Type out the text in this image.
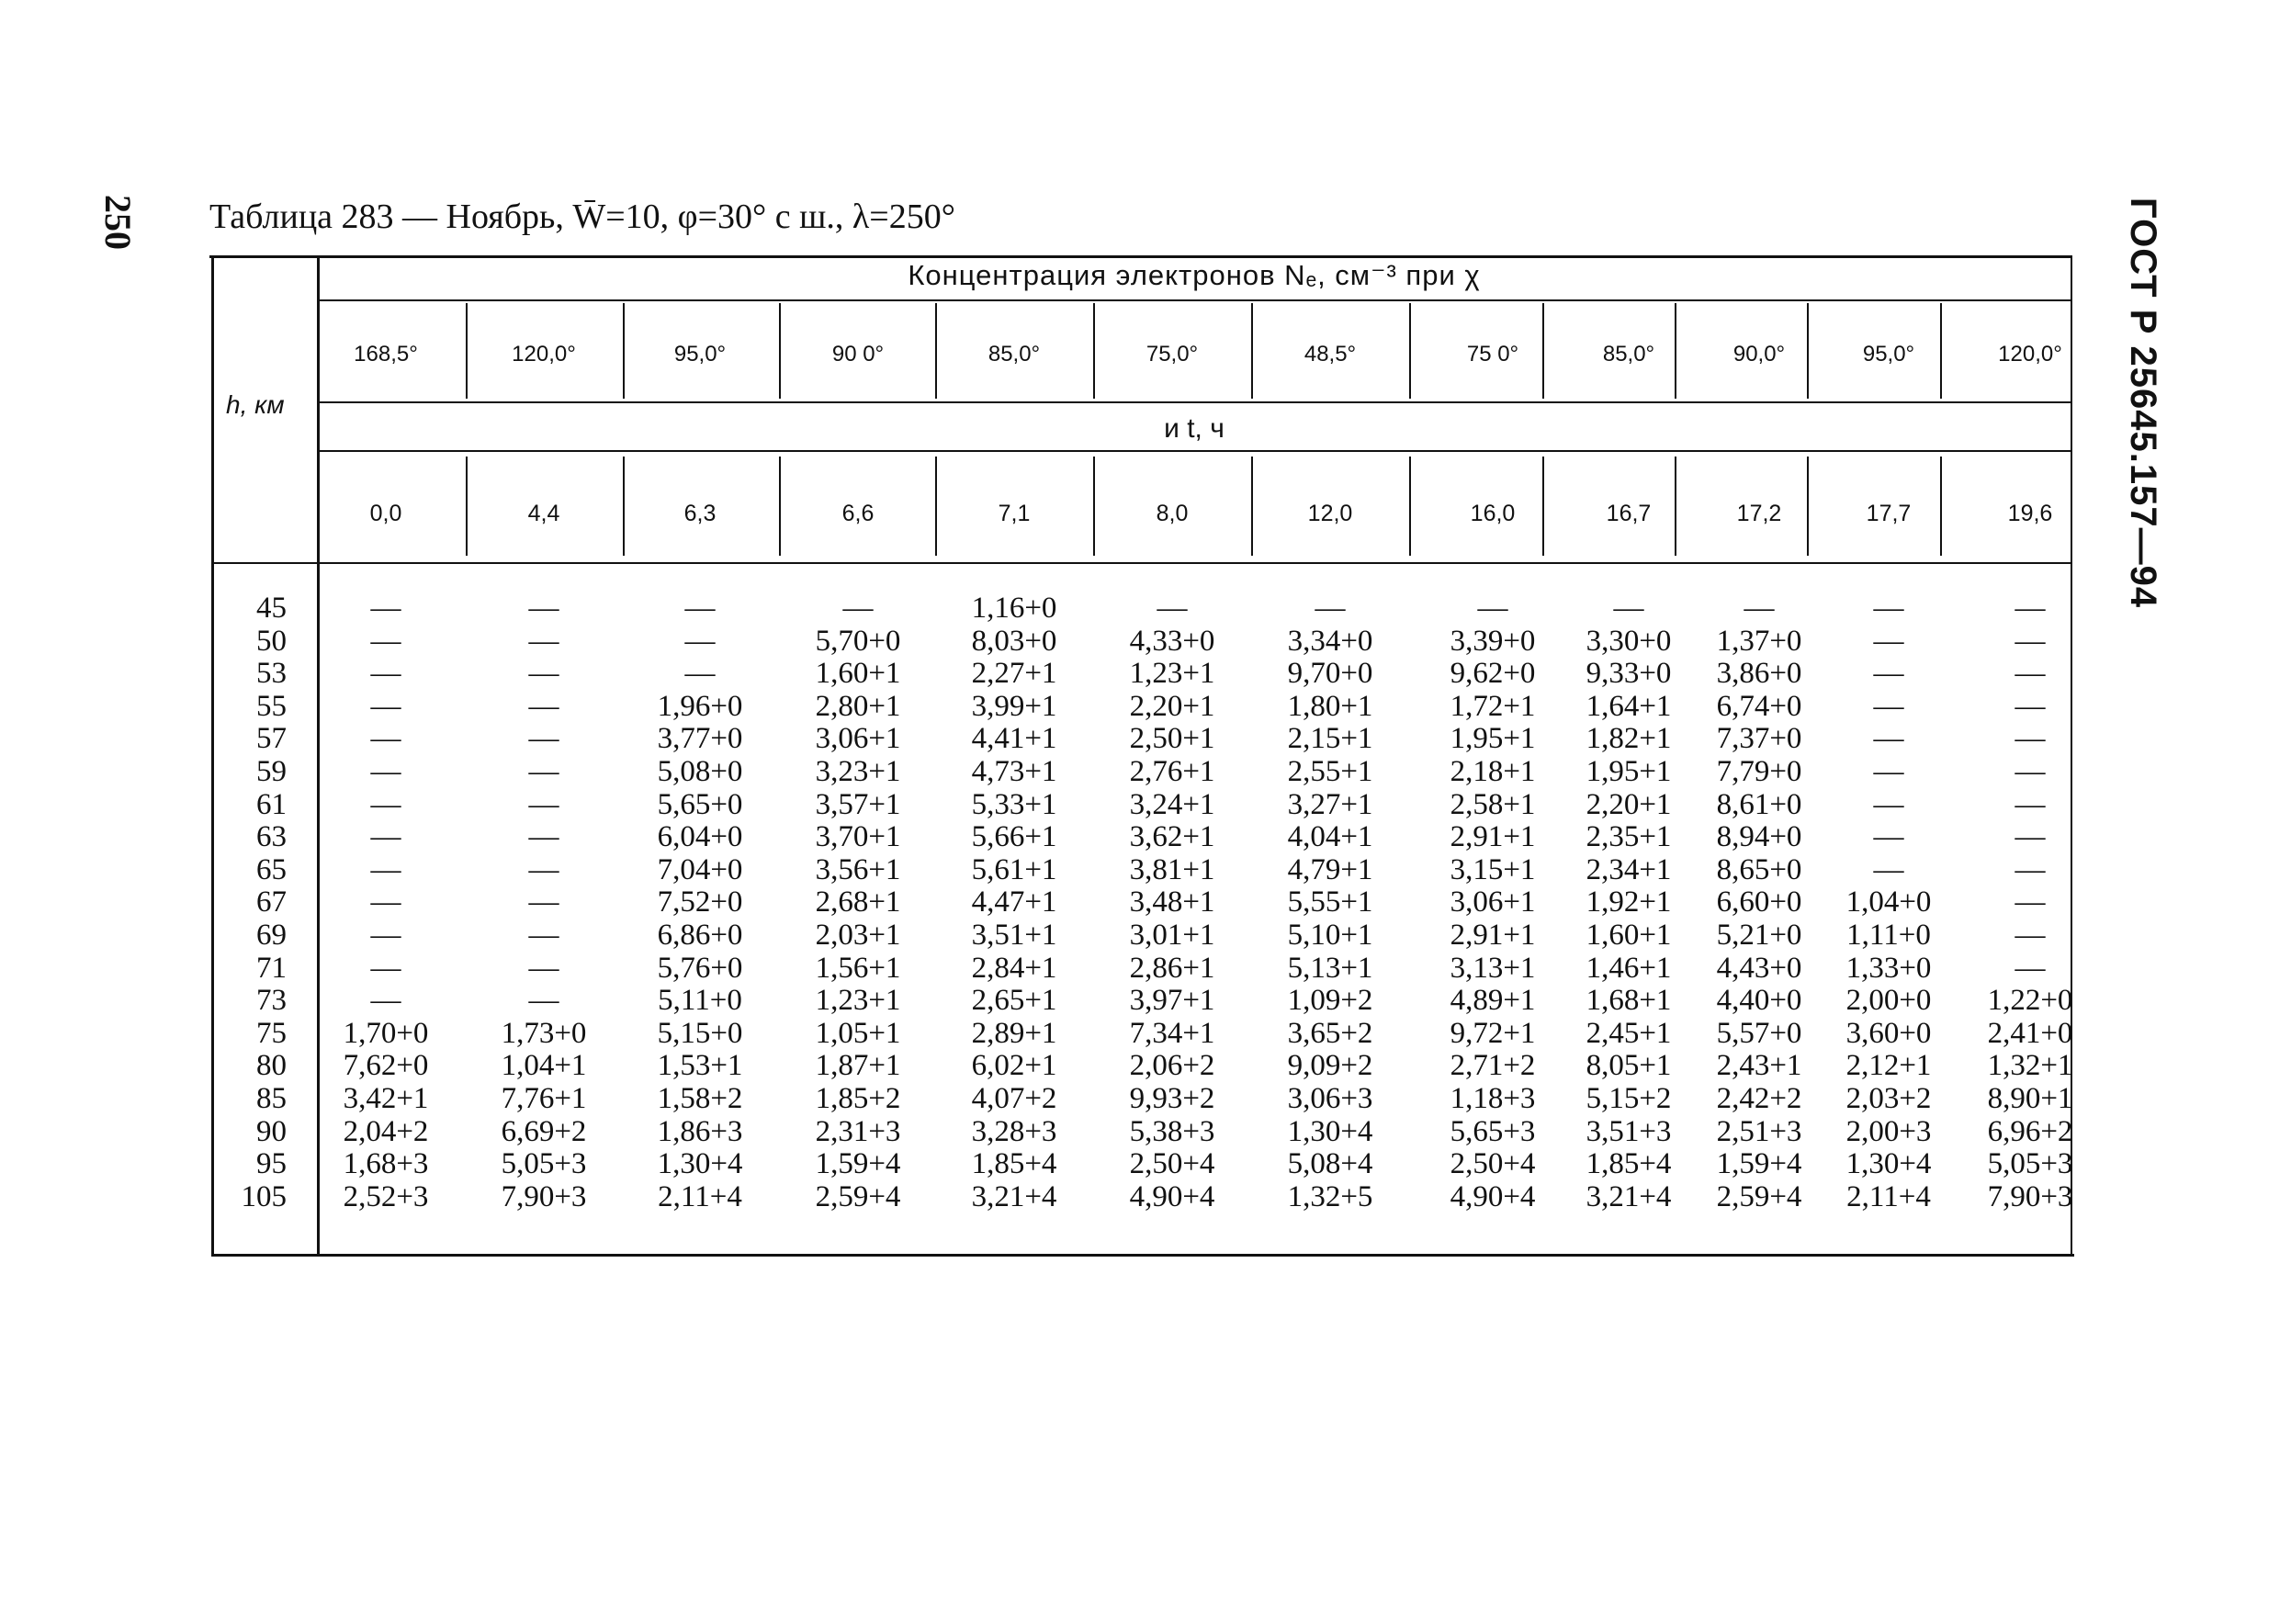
250	ГОСТ Р 25645.157—94
Таблица 283 — Ноябрь, W̄=10, φ=30° с ш., λ=250°
h, км
Концентрация электронов Nₑ, см⁻³ при χ
и t, ч
168,5°	120,0°	95,0°	90 0°	85,0°	75,0°	48,5°	75 0°	85,0°	90,0°	95,0°	120,0°
0,0	4,4	6,3	6,6	7,1	8,0	12,0	16,0	16,7	17,2	17,7	19,6
45	—	—	—	—	1,16+0	—	—	—	—	—	—	—
50	—	—	—	5,70+0 8,03+0 4,33+0 3,34+0	3,39+0 3,30+0 1,37+0 —	—
53	—	—	—	1,60+1 2,27+1 1,23+1 9,70+0	9,62+0 9,33+0 3,86+0 —	—
55	—	—	1,96+0 2,80+1 3,99+1 2,20+1 1,80+1	1,72+1 1,64+1 6,74+0 —	—
57	—	—	3,77+0 3,06+1 4,41+1 2,50+1 2,15+1	1,95+1 1,82+1 7,37+0 —	—
59	—	—	5,08+0 3,23+1 4,73+1 2,76+1 2,55+1	2,18+1 1,95+1 7,79+0 —	—
61	—	—	5,65+0 3,57+1 5,33+1 3,24+1 3,27+1	2,58+1 2,20+1 8,61+0 —	—
63	—	—	6,04+0 3,70+1 5,66+1 3,62+1 4,04+1	2,91+1 2,35+1 8,94+0 —	—
65	—	—	7,04+0 3,56+1 5,61+1 3,81+1 4,79+1	3,15+1 2,34+1 8,65+0 —	—
67	—	—	7,52+0 2,68+1 4,47+1 3,48+1 5,55+1	3,06+1 1,92+1 6,60+0 1,04+0	—
69	—	—	6,86+0 2,03+1 3,51+1 3,01+1 5,10+1	2,91+1 1,60+1 5,21+0 1,11+0	—
71	—	—	5,76+0 1,56+1 2,84+1 2,86+1 5,13+1	3,13+1 1,46+1 4,43+0 1,33+0	—
73	—	—	5,11+0 1,23+1 2,65+1 3,97+1 1,09+2	4,89+1 1,68+1 4,40+0 2,00+0 1,22+0
75 1,70+0 1,73+0 5,15+0 1,05+1 2,89+1 7,34+1 3,65+2	9,72+1 2,45+1 5,57+0 3,60+0 2,41+0
80 7,62+0 1,04+1 1,53+1 1,87+1 6,02+1 2,06+2 9,09+2	2,71+2 8,05+1 2,43+1 2,12+1 1,32+1
85 3,42+1 7,76+1 1,58+2 1,85+2 4,07+2 9,93+2 3,06+3	1,18+3 5,15+2 2,42+2 2,03+2 8,90+1
90 2,04+2 6,69+2 1,86+3 2,31+3 3,28+3 5,38+3 1,30+4	5,65+3 3,51+3 2,51+3 2,00+3 6,96+2
95 1,68+3 5,05+3 1,30+4 1,59+4 1,85+4 2,50+4 5,08+4	2,50+4 1,85+4 1,59+4 1,30+4 5,05+3
105 2,52+3 7,90+3 2,11+4 2,59+4 3,21+4 4,90+4 1,32+5	4,90+4 3,21+4 2,59+4 2,11+4 7,90+3
